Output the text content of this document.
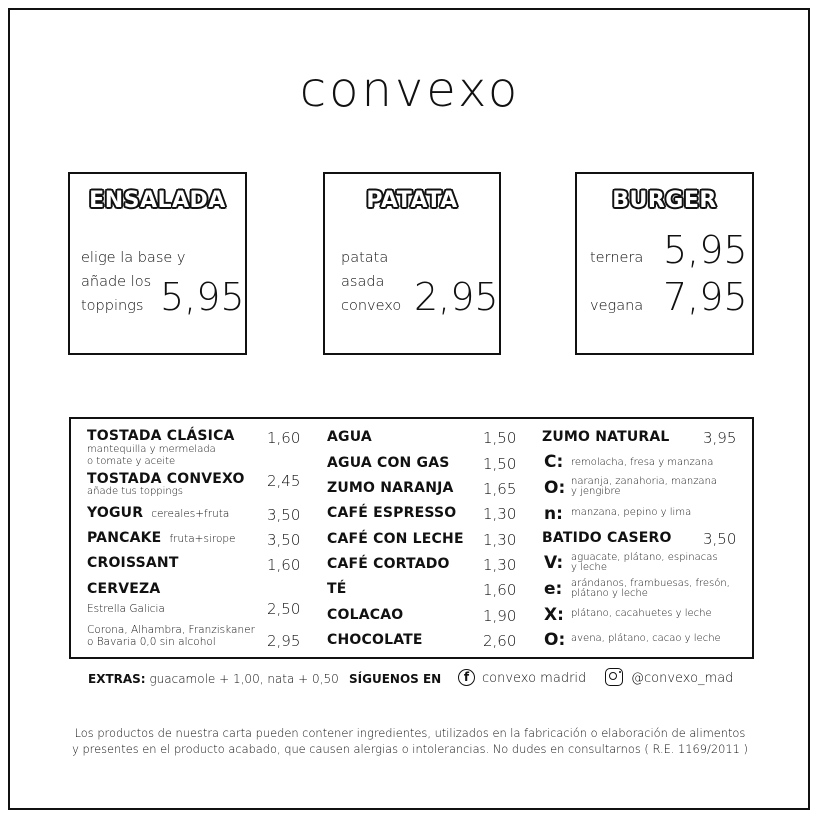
convexo
ENSALADA
elige la base y
añade los
toppings 5,95
PATATA
patata
asada
convexo 2,95
BURGER
ternera 5,95
vegana 7,95
TOSTADA CLÁSICA 1,60
mantequilla y mermelada
o tomate y aceite
TOSTADA CONVEXO 2,45
añade tus toppings
YOGUR cereales+fruta	3,50
PANCAKE fruta+sirope 3,50
CROISSANT	1,60
CERVEZA
Estrella Galicia	2,50
Corona, Alhambra, Franziskaner
o Bavaria 0,0 sin alcohol	2,95
AGUA	1,50
AGUA CON GAS 1,50
ZUMO NARANJA 1,65
CAFÉ ESPRESSO 1,30
CAFÉ CON LECHE 1,30
CAFÉ CORTADO 1,30
TÉ	1,60
COLACAO	1,90
CHOCOLATE	2,60
ZUMO NATURAL 3,95
C: remolacha, fresa y manzana
O: naranja, zanahoria, manzana
y jengibre
n: manzana, pepino y lima
BATIDO CASERO 3,50
V: aguacate, plátano, espinacas
y leche
e: arándanos, frambuesas, fresón,
plátano y leche
X: plátano, cacahuetes y leche
O: avena, plátano, cacao y leche
EXTRAS: guacamole + 1,00, nata + 0,50 SÍGUENOS EN	f convexo madrid	@convexo_mad
Los productos de nuestra carta pueden contener ingredientes, utilizados en la fabricación o elaboración de alimentos
y presentes en el producto acabado, que causen alergias o intolerancias. No dudes en consultarnos ( R.E. 1169/2011 )
